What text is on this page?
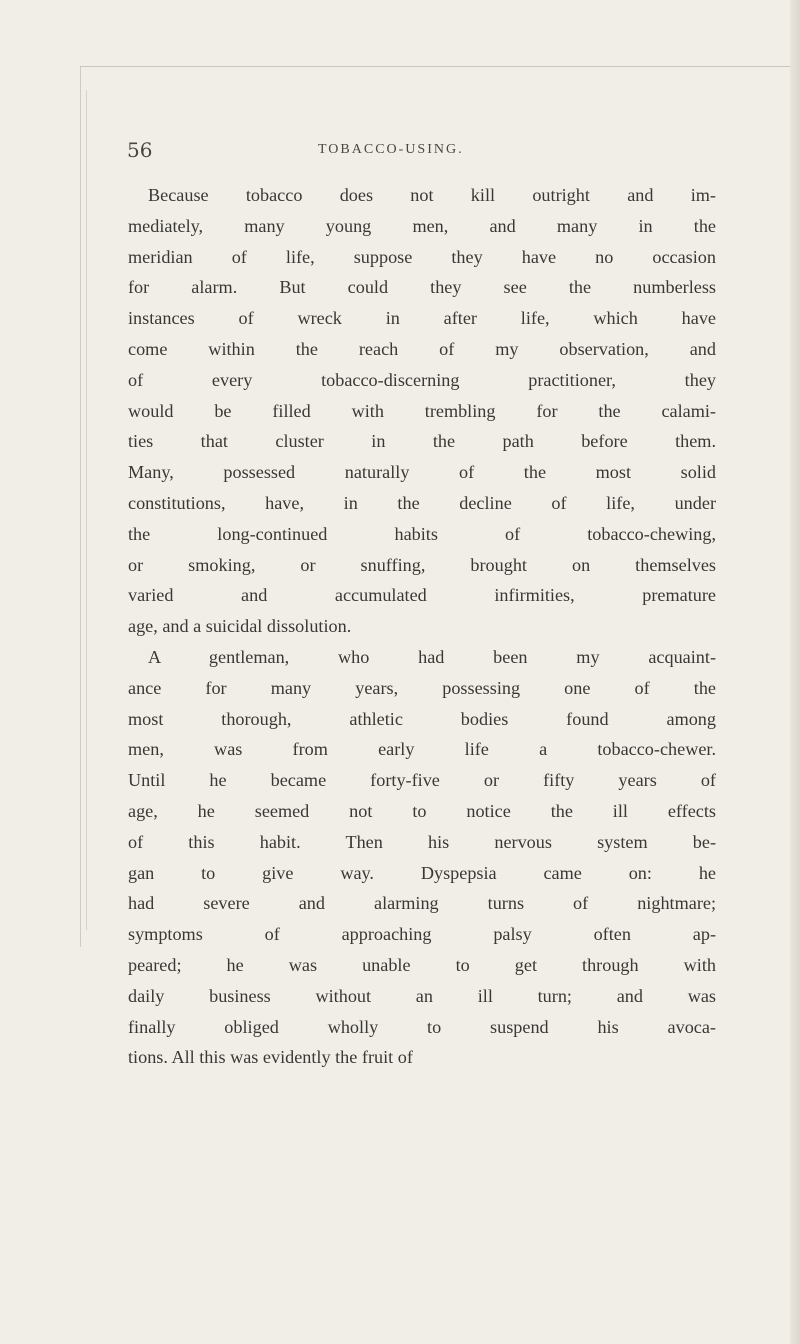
56	TOBACCO-USING.
Because tobacco does not kill outright and im-
mediately, many young men, and many in the
meridian of life, suppose they have no occasion
for alarm. But could they see the numberless
instances of wreck in after life, which have
come within the reach of my observation, and
of every tobacco-discerning practitioner, they
would be filled with trembling for the calami-
ties that cluster in the path before them.
Many, possessed naturally of the most solid
constitutions, have, in the decline of life, under
the long-continued habits of tobacco-chewing,
or smoking, or snuffing, brought on themselves
varied and accumulated infirmities, premature
age, and a suicidal dissolution.
A gentleman, who had been my acquaint-
ance for many years, possessing one of the
most thorough, athletic bodies found among
men, was from early life a tobacco-chewer.
Until he became forty-five or fifty years of
age, he seemed not to notice the ill effects
of this habit. Then his nervous system be-
gan to give way. Dyspepsia came on: he
had severe and alarming turns of nightmare;
symptoms of approaching palsy often ap-
peared; he was unable to get through with
daily business without an ill turn; and was
finally obliged wholly to suspend his avoca-
tions. All this was evidently the fruit of
